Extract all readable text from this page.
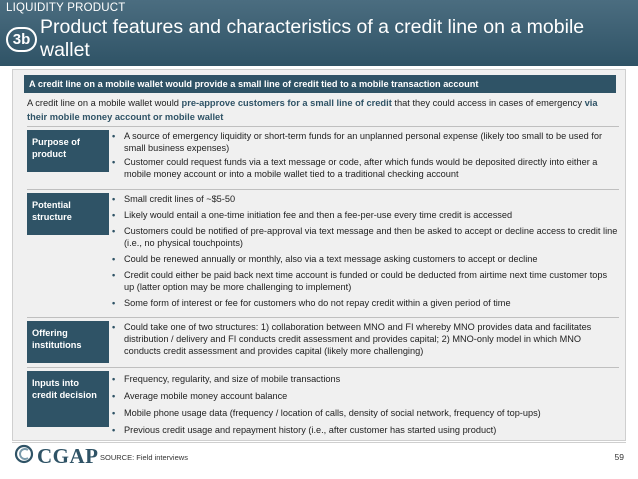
LIQUIDITY PRODUCT
3b
Product features and characteristics of a credit line on a mobile wallet
A credit line on a mobile wallet would provide a small line of credit tied to a mobile transaction account
A credit line on a mobile wallet would pre-approve customers for a small line of credit that they could access in cases of emergency via their mobile money account or mobile wallet
Purpose of product
• A source of emergency liquidity or short-term funds for an unplanned personal expense (likely too small to be used for small business expenses)
• Customer could request funds via a text message or code, after which funds would be deposited directly into either a mobile money account or into a mobile wallet tied to a traditional checking account
Potential structure
• Small credit lines of ~$5-50
• Likely would entail a one-time initiation fee and then a fee-per-use every time credit is accessed
• Customers could be notified of pre-approval via text message and then be asked to accept or decline access to credit line (i.e., no physical touchpoints)
• Could be renewed annually or monthly, also via a text message asking customers to accept or decline
• Credit could either be paid back next time account is funded or could be deducted from airtime next time customer tops up (latter option may be more challenging to implement)
• Some form of interest or fee for customers who do not repay credit within a given period of time
Offering institutions
• Could take one of two structures: 1) collaboration between MNO and FI whereby MNO provides data and facilitates distribution / delivery and FI conducts credit assessment and provides capital; 2) MNO-only model in which MNO conducts credit assessment and provides capital (likely more challenging)
Inputs into credit decision
• Frequency, regularity, and size of mobile transactions
• Average mobile money account balance
• Mobile phone usage data (frequency / location of calls, density of social network, frequency of top-ups)
• Previous credit usage and repayment history (i.e., after customer has started using product)
CGAP SOURCE: Field interviews	59
